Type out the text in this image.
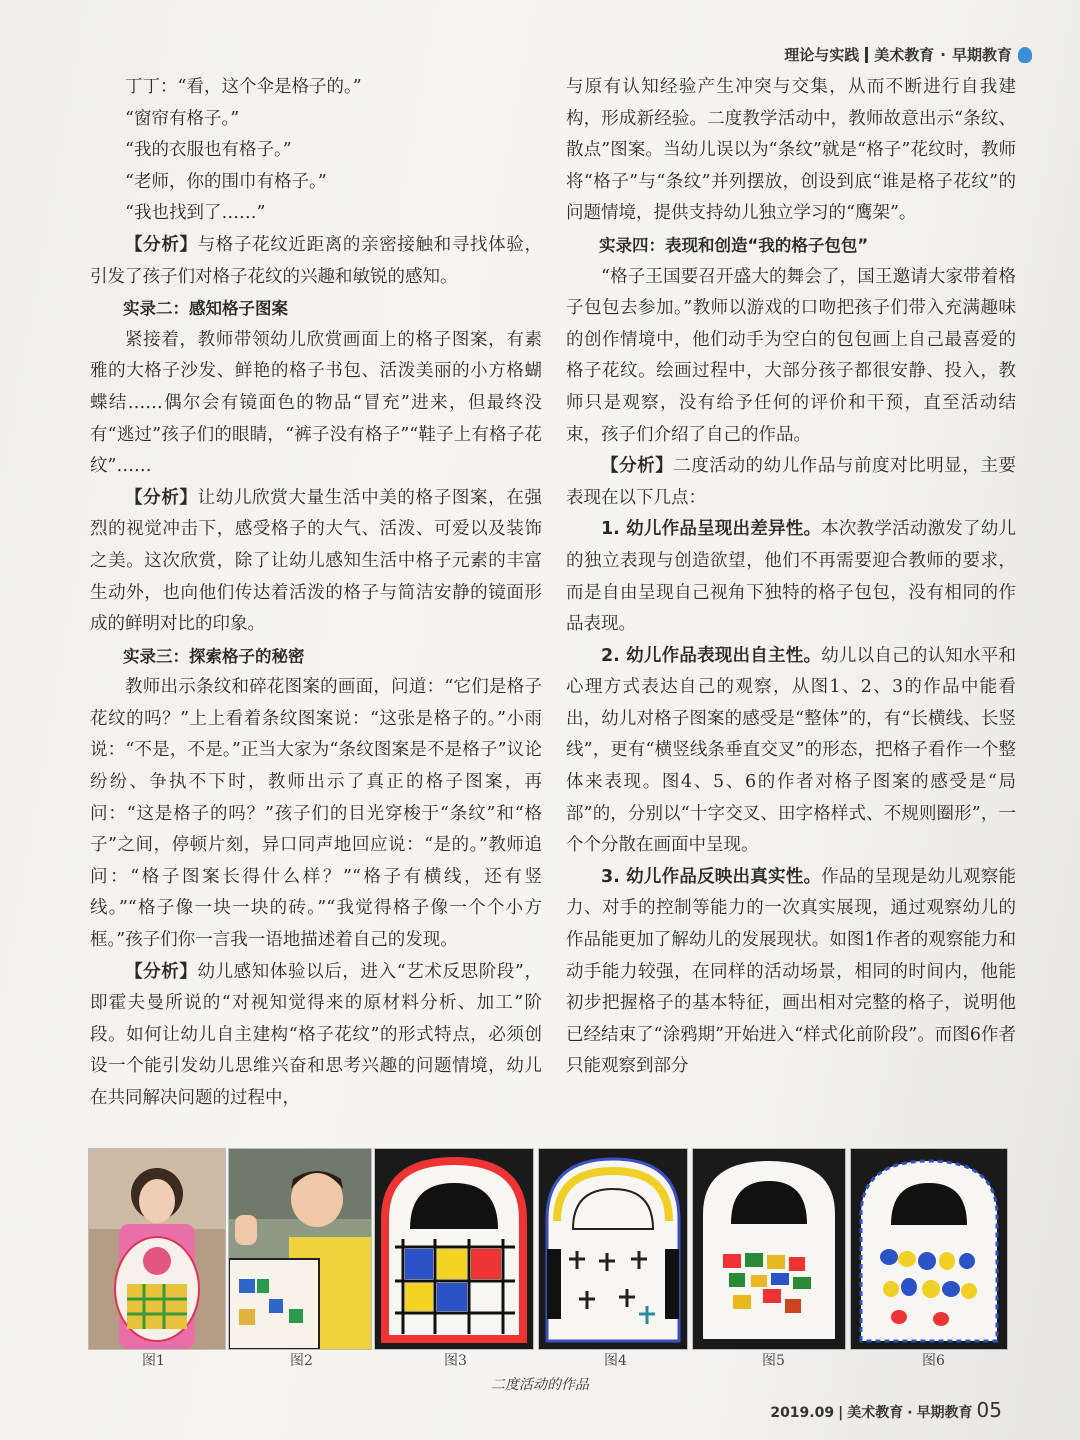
理论与实践 美术教育 · 早期教育

丁丁：“看，这个伞是格子的。”

“窗帘有格子。”

“我的衣服也有格子。”

“老师，你的围巾有格子。”

“我也找到了……”

【分析】与格子花纹近距离的亲密接触和寻找体验，引发了孩子们对格子花纹的兴趣和敏锐的感知。

实录二：感知格子图案

紧接着，教师带领幼儿欣赏画面上的格子图案，有素雅的大格子沙发、鲜艳的格子书包、活泼美丽的小方格蝴蝶结……偶尔会有镜面色的物品“冒充”进来，但最终没有“逃过”孩子们的眼睛，“裤子没有格子”“鞋子上有格子花纹”……

【分析】让幼儿欣赏大量生活中美的格子图案，在强烈的视觉冲击下，感受格子的大气、活泼、可爱以及装饰之美。这次欣赏，除了让幼儿感知生活中格子元素的丰富生动外，也向他们传达着活泼的格子与简洁安静的镜面形成的鲜明对比的印象。

实录三：探索格子的秘密

教师出示条纹和碎花图案的画面，问道：“它们是格子花纹的吗？”上上看着条纹图案说：“这张是格子的。”小雨说：“不是，不是。”正当大家为“条纹图案是不是格子”议论纷纷、争执不下时，教师出示了真正的格子图案，再问：“这是格子的吗？”孩子们的目光穿梭于“条纹”和“格子”之间，停顿片刻，异口同声地回应说：“是的。”教师追问：“格子图案长得什么样？”“格子有横线，还有竖线。”“格子像一块一块的砖。”“我觉得格子像一个个小方框。”孩子们你一言我一语地描述着自己的发现。

【分析】幼儿感知体验以后，进入“艺术反思阶段”，即霍夫曼所说的“对视知觉得来的原材料分析、加工”阶段。如何让幼儿自主建构“格子花纹”的形式特点，必须创设一个能引发幼儿思维兴奋和思考兴趣的问题情境，幼儿在共同解决问题的过程中，

与原有认知经验产生冲突与交集，从而不断进行自我建构，形成新经验。二度教学活动中，教师故意出示“条纹、散点”图案。当幼儿误以为“条纹”就是“格子”花纹时，教师将“格子”与“条纹”并列摆放，创设到底“谁是格子花纹”的问题情境，提供支持幼儿独立学习的“鹰架”。

实录四：表现和创造“我的格子包包”

“格子王国要召开盛大的舞会了，国王邀请大家带着格子包包去参加。”教师以游戏的口吻把孩子们带入充满趣味的创作情境中，他们动手为空白的包包画上自己最喜爱的格子花纹。绘画过程中，大部分孩子都很安静、投入，教师只是观察，没有给予任何的评价和干预，直至活动结束，孩子们介绍了自己的作品。

【分析】二度活动的幼儿作品与前度对比明显，主要表现在以下几点：

1. 幼儿作品呈现出差异性。本次教学活动激发了幼儿的独立表现与创造欲望，他们不再需要迎合教师的要求，而是自由呈现自己视角下独特的格子包包，没有相同的作品表现。

2. 幼儿作品表现出自主性。幼儿以自己的认知水平和心理方式表达自己的观察，从图1、2、3的作品中能看出，幼儿对格子图案的感受是“整体”的，有“长横线、长竖线”，更有“横竖线条垂直交叉”的形态，把格子看作一个整体来表现。图4、5、6的作者对格子图案的感受是“局部”的，分别以“十字交叉、田字格样式、不规则圈形”，一个个分散在画面中呈现。

3. 幼儿作品反映出真实性。作品的呈现是幼儿观察能力、对手的控制等能力的一次真实展现，通过观察幼儿的作品能更加了解幼儿的发展现状。如图1作者的观察能力和动手能力较强，在同样的活动场景，相同的时间内，他能初步把握格子的基本特征，画出相对完整的格子，说明他已经结束了“涂鸦期”开始进入“样式化前阶段”。而图6作者只能观察到部分

图1	图2	图3	图4	图5	图6
二度活动的作品
2019.09 | 美术教育 · 早期教育 05
